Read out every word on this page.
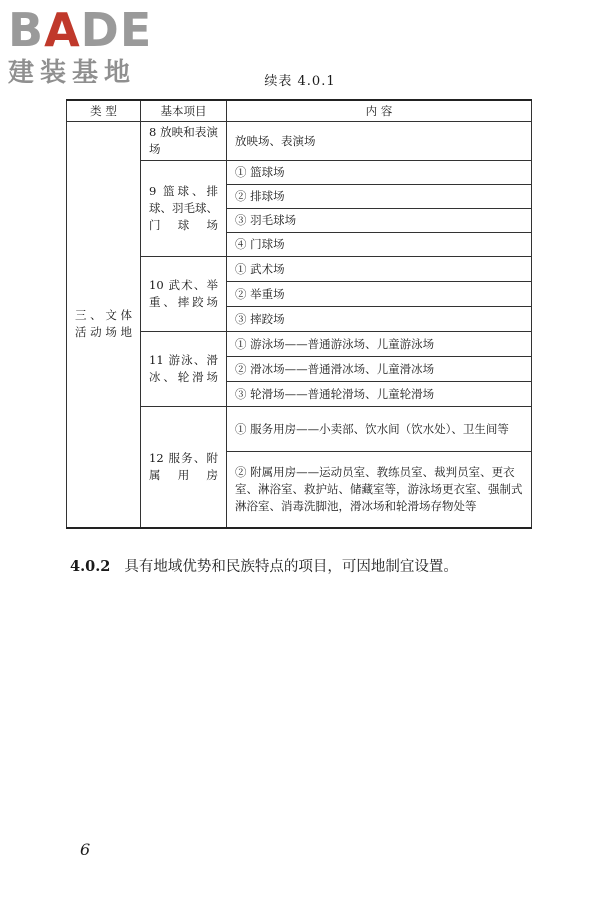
BADE
建装基地	续表 4.0.1
类 型	基本项目	内 容
三、文体活动场地	8 放映和表演场	放映场、表演场
	9 篮球、排球、羽毛球、门球场	① 篮球场
		② 排球场
		③ 羽毛球场
		④ 门球场
	10 武术、举重、摔跤场	① 武术场
		② 举重场
		③ 摔跤场
	11 游泳、滑冰、轮滑场	① 游泳场——普通游泳场、儿童游泳场
		② 滑冰场——普通滑冰场、儿童滑冰场
		③ 轮滑场——普通轮滑场、儿童轮滑场
	12 服务、附属用房	① 服务用房——小卖部、饮水间（饮水处）、卫生间等
		② 附属用房——运动员室、教练员室、裁判员室、更衣室、淋浴室、救护站、储藏室等，游泳场更衣室、强制式淋浴室、消毒洗脚池，滑冰场和轮滑场存物处等
4.0.2 具有地域优势和民族特点的项目，可因地制宜设置。
6
